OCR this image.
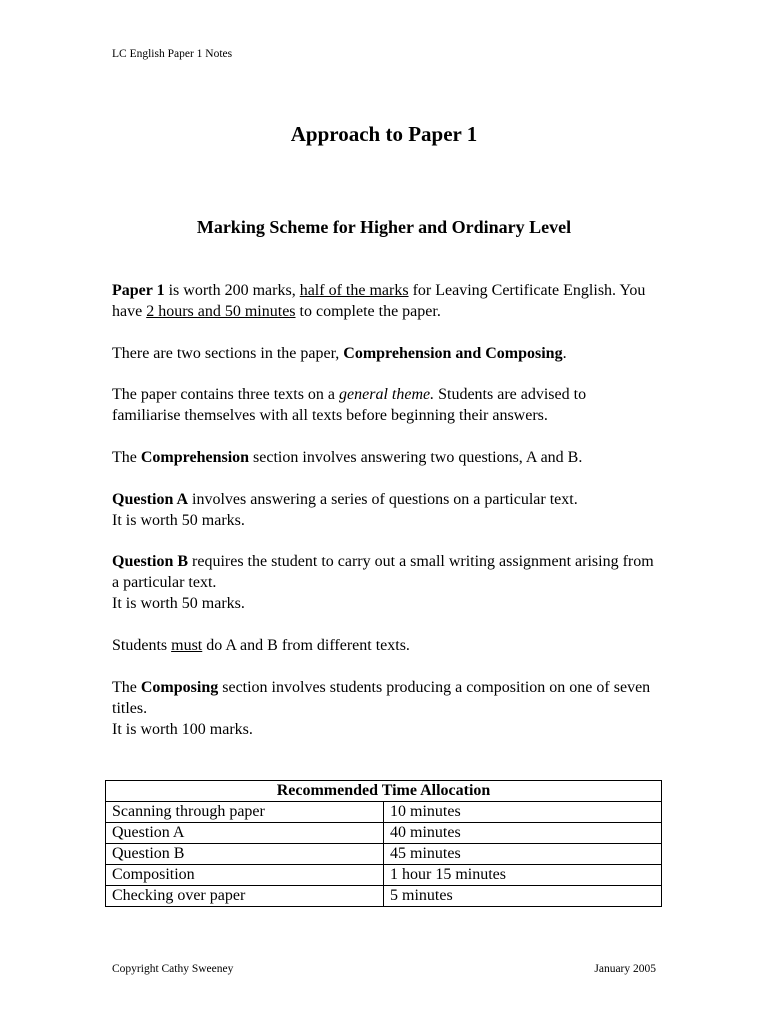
LC English Paper 1 Notes
Approach to Paper 1
Marking Scheme for Higher and Ordinary Level

Paper 1 is worth 200 marks, half of the marks for Leaving Certificate English. You have 2 hours and 50 minutes to complete the paper.

There are two sections in the paper, Comprehension and Composing.

The paper contains three texts on a general theme. Students are advised to familiarise themselves with all texts before beginning their answers.

The Comprehension section involves answering two questions, A and B.

Question A involves answering a series of questions on a particular text.
It is worth 50 marks.

Question B requires the student to carry out a small writing assignment arising from a particular text.
It is worth 50 marks.

Students must do A and B from different texts.

The Composing section involves students producing a composition on one of seven titles.
It is worth 100 marks.

Recommended Time Allocation	
Scanning through paper	10 minutes
Question A	40 minutes
Question B	45 minutes
Composition	1 hour 15 minutes
Checking over paper	5 minutes
Copyright Cathy Sweeney	January 2005
